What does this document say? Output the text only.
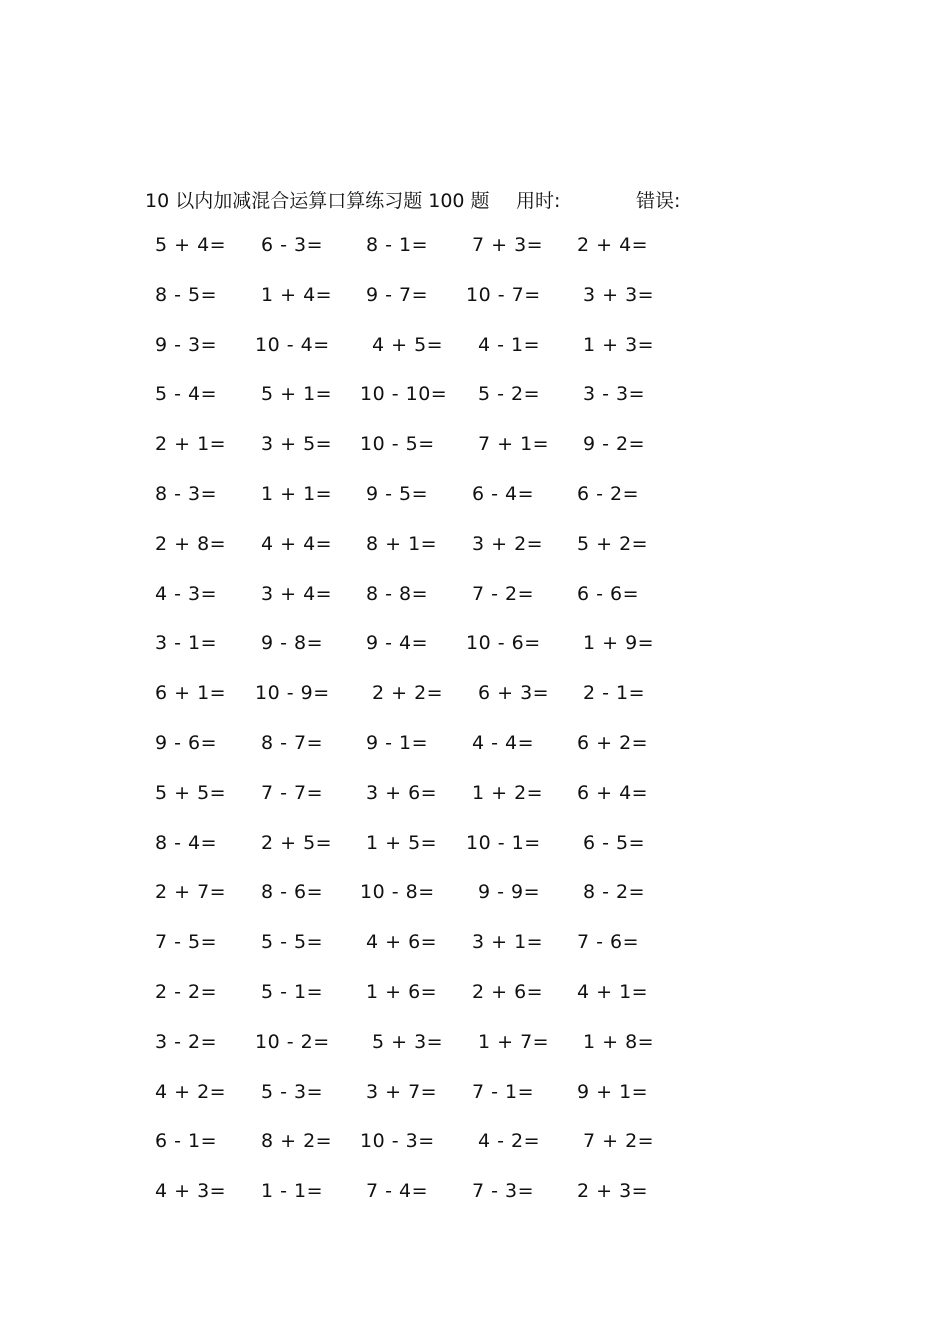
10 以内加减混合运算口算练习题 100 题 用时:	错误:
5 + 4= 6 - 3= 8 - 1= 7 + 3= 2 + 4=
8 - 5= 1 + 4= 9 - 7= 10 - 7= 3 + 3=
9 - 3= 10 - 4= 4 + 5= 4 - 1= 1 + 3=
5 - 4= 5 + 1= 10 - 10= 5 - 2= 3 - 3=
2 + 1= 3 + 5= 10 - 5= 7 + 1= 9 - 2=
8 - 3= 1 + 1= 9 - 5= 6 - 4= 6 - 2=
2 + 8= 4 + 4= 8 + 1= 3 + 2= 5 + 2=
4 - 3= 3 + 4= 8 - 8= 7 - 2= 6 - 6=
3 - 1= 9 - 8= 9 - 4= 10 - 6= 1 + 9=
6 + 1= 10 - 9= 2 + 2= 6 + 3= 2 - 1=
9 - 6= 8 - 7= 9 - 1= 4 - 4= 6 + 2=
5 + 5= 7 - 7= 3 + 6= 1 + 2= 6 + 4=
8 - 4= 2 + 5= 1 + 5= 10 - 1= 6 - 5=
2 + 7= 8 - 6= 10 - 8= 9 - 9= 8 - 2=
7 - 5= 5 - 5= 4 + 6= 3 + 1= 7 - 6=
2 - 2= 5 - 1= 1 + 6= 2 + 6= 4 + 1=
3 - 2= 10 - 2= 5 + 3= 1 + 7= 1 + 8=
4 + 2= 5 - 3= 3 + 7= 7 - 1= 9 + 1=
6 - 1= 8 + 2= 10 - 3= 4 - 2= 7 + 2=
4 + 3= 1 - 1= 7 - 4= 7 - 3= 2 + 3=
